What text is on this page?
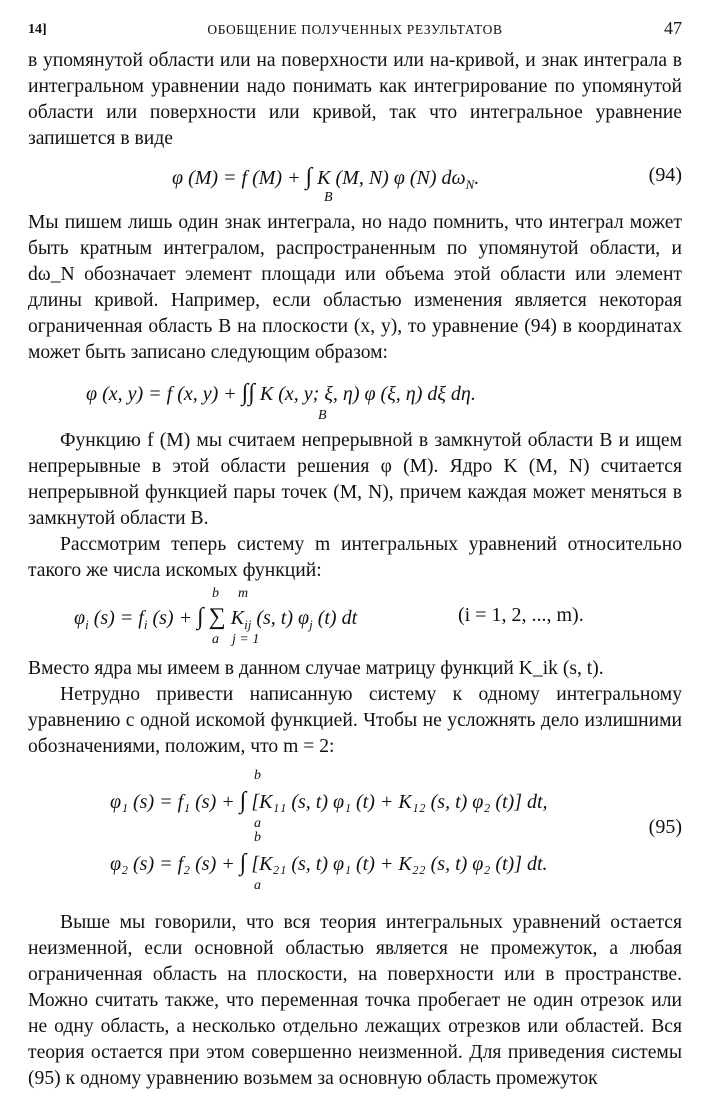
14]	ОБОБЩЕНИЕ ПОЛУЧЕННЫХ РЕЗУЛЬТАТОВ	47

в упомянутой области или на поверхности или на-кривой, и знак интеграла в интегральном уравнении надо понимать как интегрирование по упомянутой области или поверхности или кривой, так что интегральное уравнение запишется в виде

φ (M) = f (M) + ∫ K (M, N) φ (N) $d\omega_N$.
B
(94)

Мы пишем лишь один знак интеграла, но надо помнить, что интеграл может быть кратным интегралом, распространенным по упомянутой области, и dω_N обозначает элемент площади или объема этой области или элемент длины кривой. Например, если областью изменения является некоторая ограниченная область B на плоскости (x, y), то уравнение (94) в координатах может быть записано следующим образом:

φ (x, y) = f (x, y) + ∫∫ K (x, y; ξ, η) φ (ξ, η) dξ dη.
B

Функцию f (M) мы считаем непрерывной в замкнутой области B и ищем непрерывные в этой области решения φ (M). Ядро K (M, N) считается непрерывной функцией пары точек (M, N), причем каждая может меняться в замкнутой области B.

Рассмотрим теперь систему m интегральных уравнений относительно такого же числа искомых функций:

b m
$\varphi_i$ $(s) = f_i$ (s) + ∫ ∑ $K_{ij}$ (s, t) $\varphi_j$ (t) dt
a j = 1
(i = 1, 2, ..., m).

Вместо ядра мы имеем в данном случае матрицу функций K_ik (s, t).

Нетрудно привести написанную систему к одному интегральному уравнению с одной искомой функцией. Чтобы не усложнять дело излишними обозначениями, положим, что m = 2:

b
φ₁ (s) = f₁ (s) + ∫ [K₁₁ (s, t) φ₁ (t) + K₁₂ (s, t) φ₂ (t)] dt,
a
b	(95)
φ₂ (s) = f₂ (s) + ∫ [K₂₁ (s, t) φ₁ (t) + K₂₂ (s, t) φ₂ (t)] dt.
a

Выше мы говорили, что вся теория интегральных уравнений остается неизменной, если основной областью является не промежуток, а любая ограниченная область на плоскости, на поверхности или в пространстве. Можно считать также, что переменная точка пробегает не один отрезок или не одну область, а несколько отдельно лежащих отрезков или областей. Вся теория остается при этом совершенно неизменной. Для приведения системы (95) к одному уравнению возьмем за основную область промежуток
